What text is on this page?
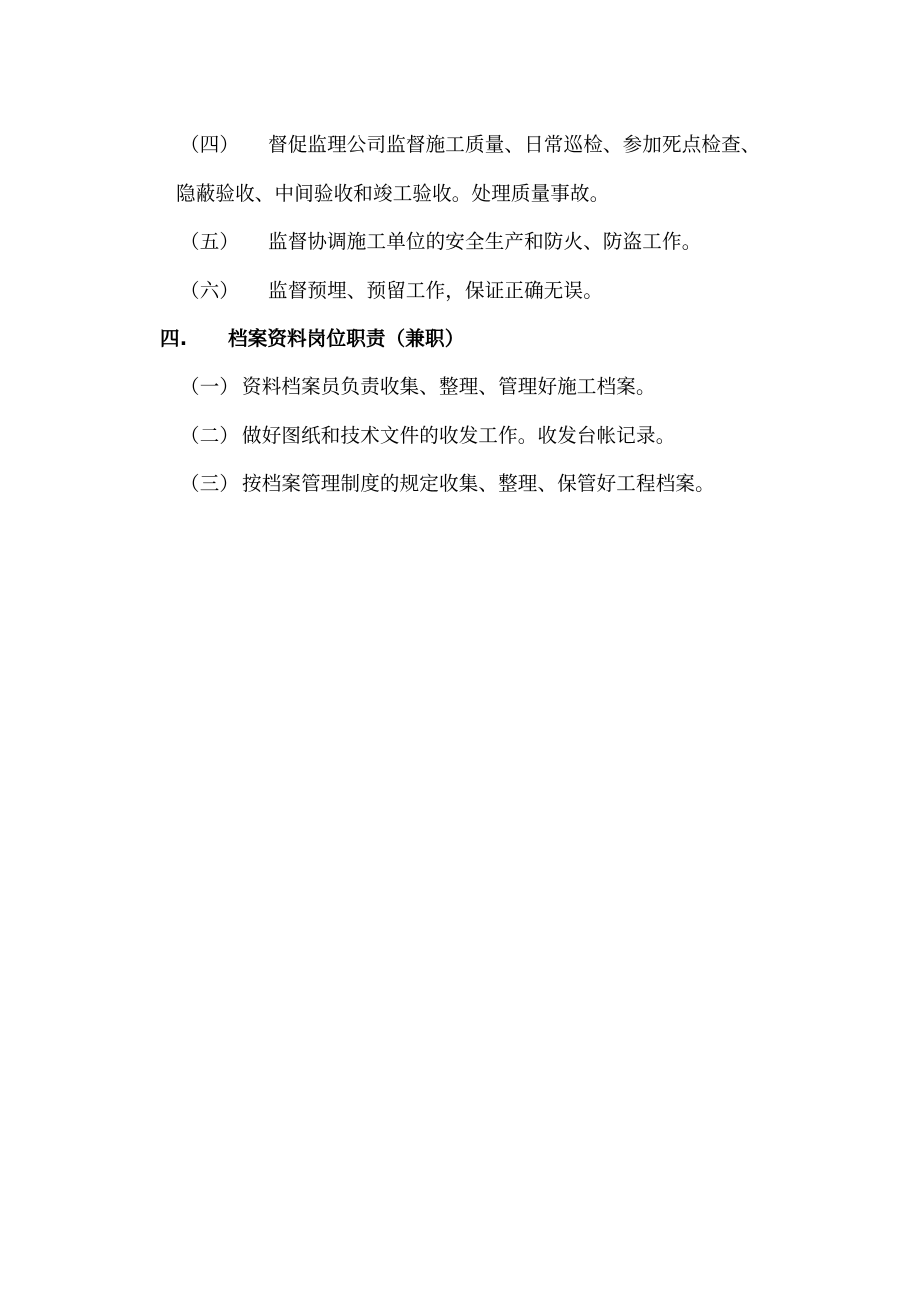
（四） 督促监理公司监督施工质量、日常巡检、参加死点检查、
隐蔽验收、中间验收和竣工验收。处理质量事故。
（五） 监督协调施工单位的安全生产和防火、防盗工作。
（六） 监督预埋、预留工作，保证正确无误。
四. 档案资料岗位职责（兼职）
（一） 资料档案员负责收集、整理、管理好施工档案。
（二） 做好图纸和技术文件的收发工作。收发台帐记录。
（三） 按档案管理制度的规定收集、整理、保管好工程档案。
